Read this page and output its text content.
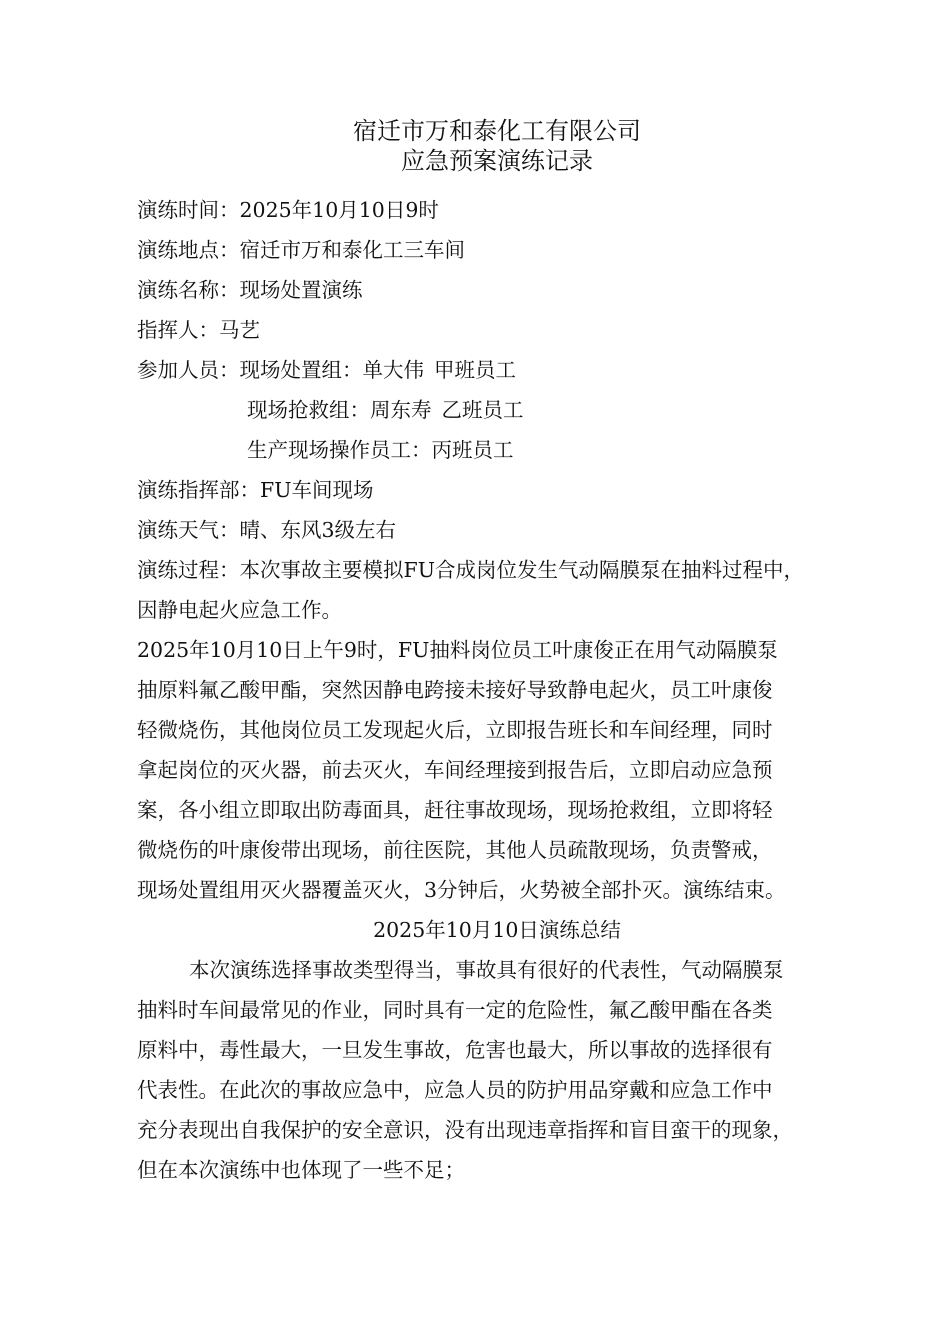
宿迁市万和泰化工有限公司
应急预案演练记录

演练时间：2025年10月10日9时

演练地点：宿迁市万和泰化工三车间

演练名称：现场处置演练

指挥人：马艺

参加人员：现场处置组：单大伟 甲班员工

现场抢救组：周东寿 乙班员工

生产现场操作员工：丙班员工

演练指挥部：FU车间现场

演练天气：晴、东风3级左右

演练过程：本次事故主要模拟FU合成岗位发生气动隔膜泵在抽料过程中，

因静电起火应急工作。

2025年10月10日上午9时，FU抽料岗位员工叶康俊正在用气动隔膜泵

抽原料氟乙酸甲酯，突然因静电跨接未接好导致静电起火，员工叶康俊

轻微烧伤，其他岗位员工发现起火后，立即报告班长和车间经理，同时

拿起岗位的灭火器，前去灭火，车间经理接到报告后，立即启动应急预

案，各小组立即取出防毒面具，赶往事故现场，现场抢救组，立即将轻

微烧伤的叶康俊带出现场，前往医院，其他人员疏散现场，负责警戒，

现场处置组用灭火器覆盖灭火，3分钟后，火势被全部扑灭。演练结束。

2025年10月10日演练总结

本次演练选择事故类型得当，事故具有很好的代表性，气动隔膜泵

抽料时车间最常见的作业，同时具有一定的危险性，氟乙酸甲酯在各类

原料中，毒性最大，一旦发生事故，危害也最大，所以事故的选择很有

代表性。在此次的事故应急中，应急人员的防护用品穿戴和应急工作中

充分表现出自我保护的安全意识，没有出现违章指挥和盲目蛮干的现象，

但在本次演练中也体现了一些不足；
